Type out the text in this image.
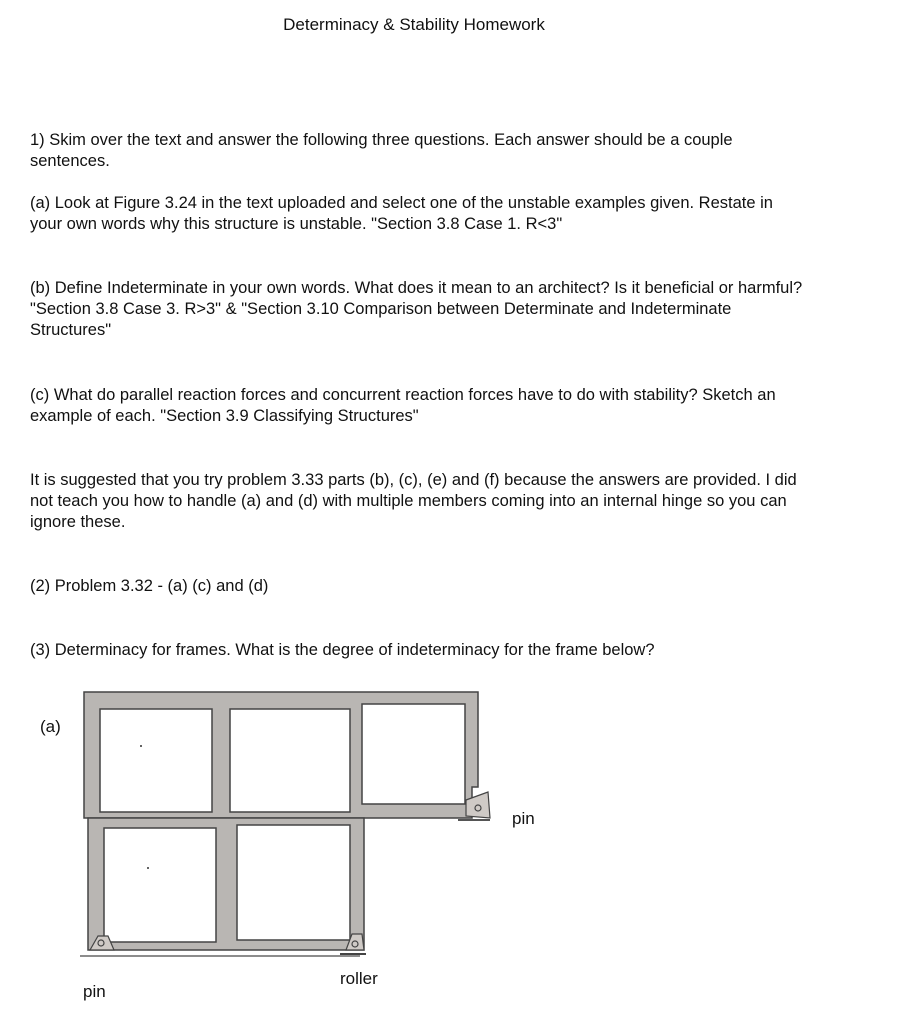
Determinacy & Stability Homework

1) Skim over the text and answer the following three questions. Each answer should be a couple
sentences.

(a) Look at Figure 3.24 in the text uploaded and select one of the unstable examples given. Restate in
your own words why this structure is unstable. "Section 3.8 Case 1. R<3"

(b) Define Indeterminate in your own words. What does it mean to an architect? Is it beneficial or harmful?
"Section 3.8 Case 3. R>3" & "Section 3.10 Comparison between Determinate and Indeterminate
Structures"

(c) What do parallel reaction forces and concurrent reaction forces have to do with stability? Sketch an
example of each. "Section 3.9 Classifying Structures"

It is suggested that you try problem 3.33 parts (b), (c), (e) and (f) because the answers are provided. I did
not teach you how to handle (a) and (d) with multiple members coming into an internal hinge so you can
ignore these.

(2) Problem 3.32 - (a) (c) and (d)

(3) Determinacy for frames. What is the degree of indeterminacy for the frame below?

(a)
pin
roller
pin
